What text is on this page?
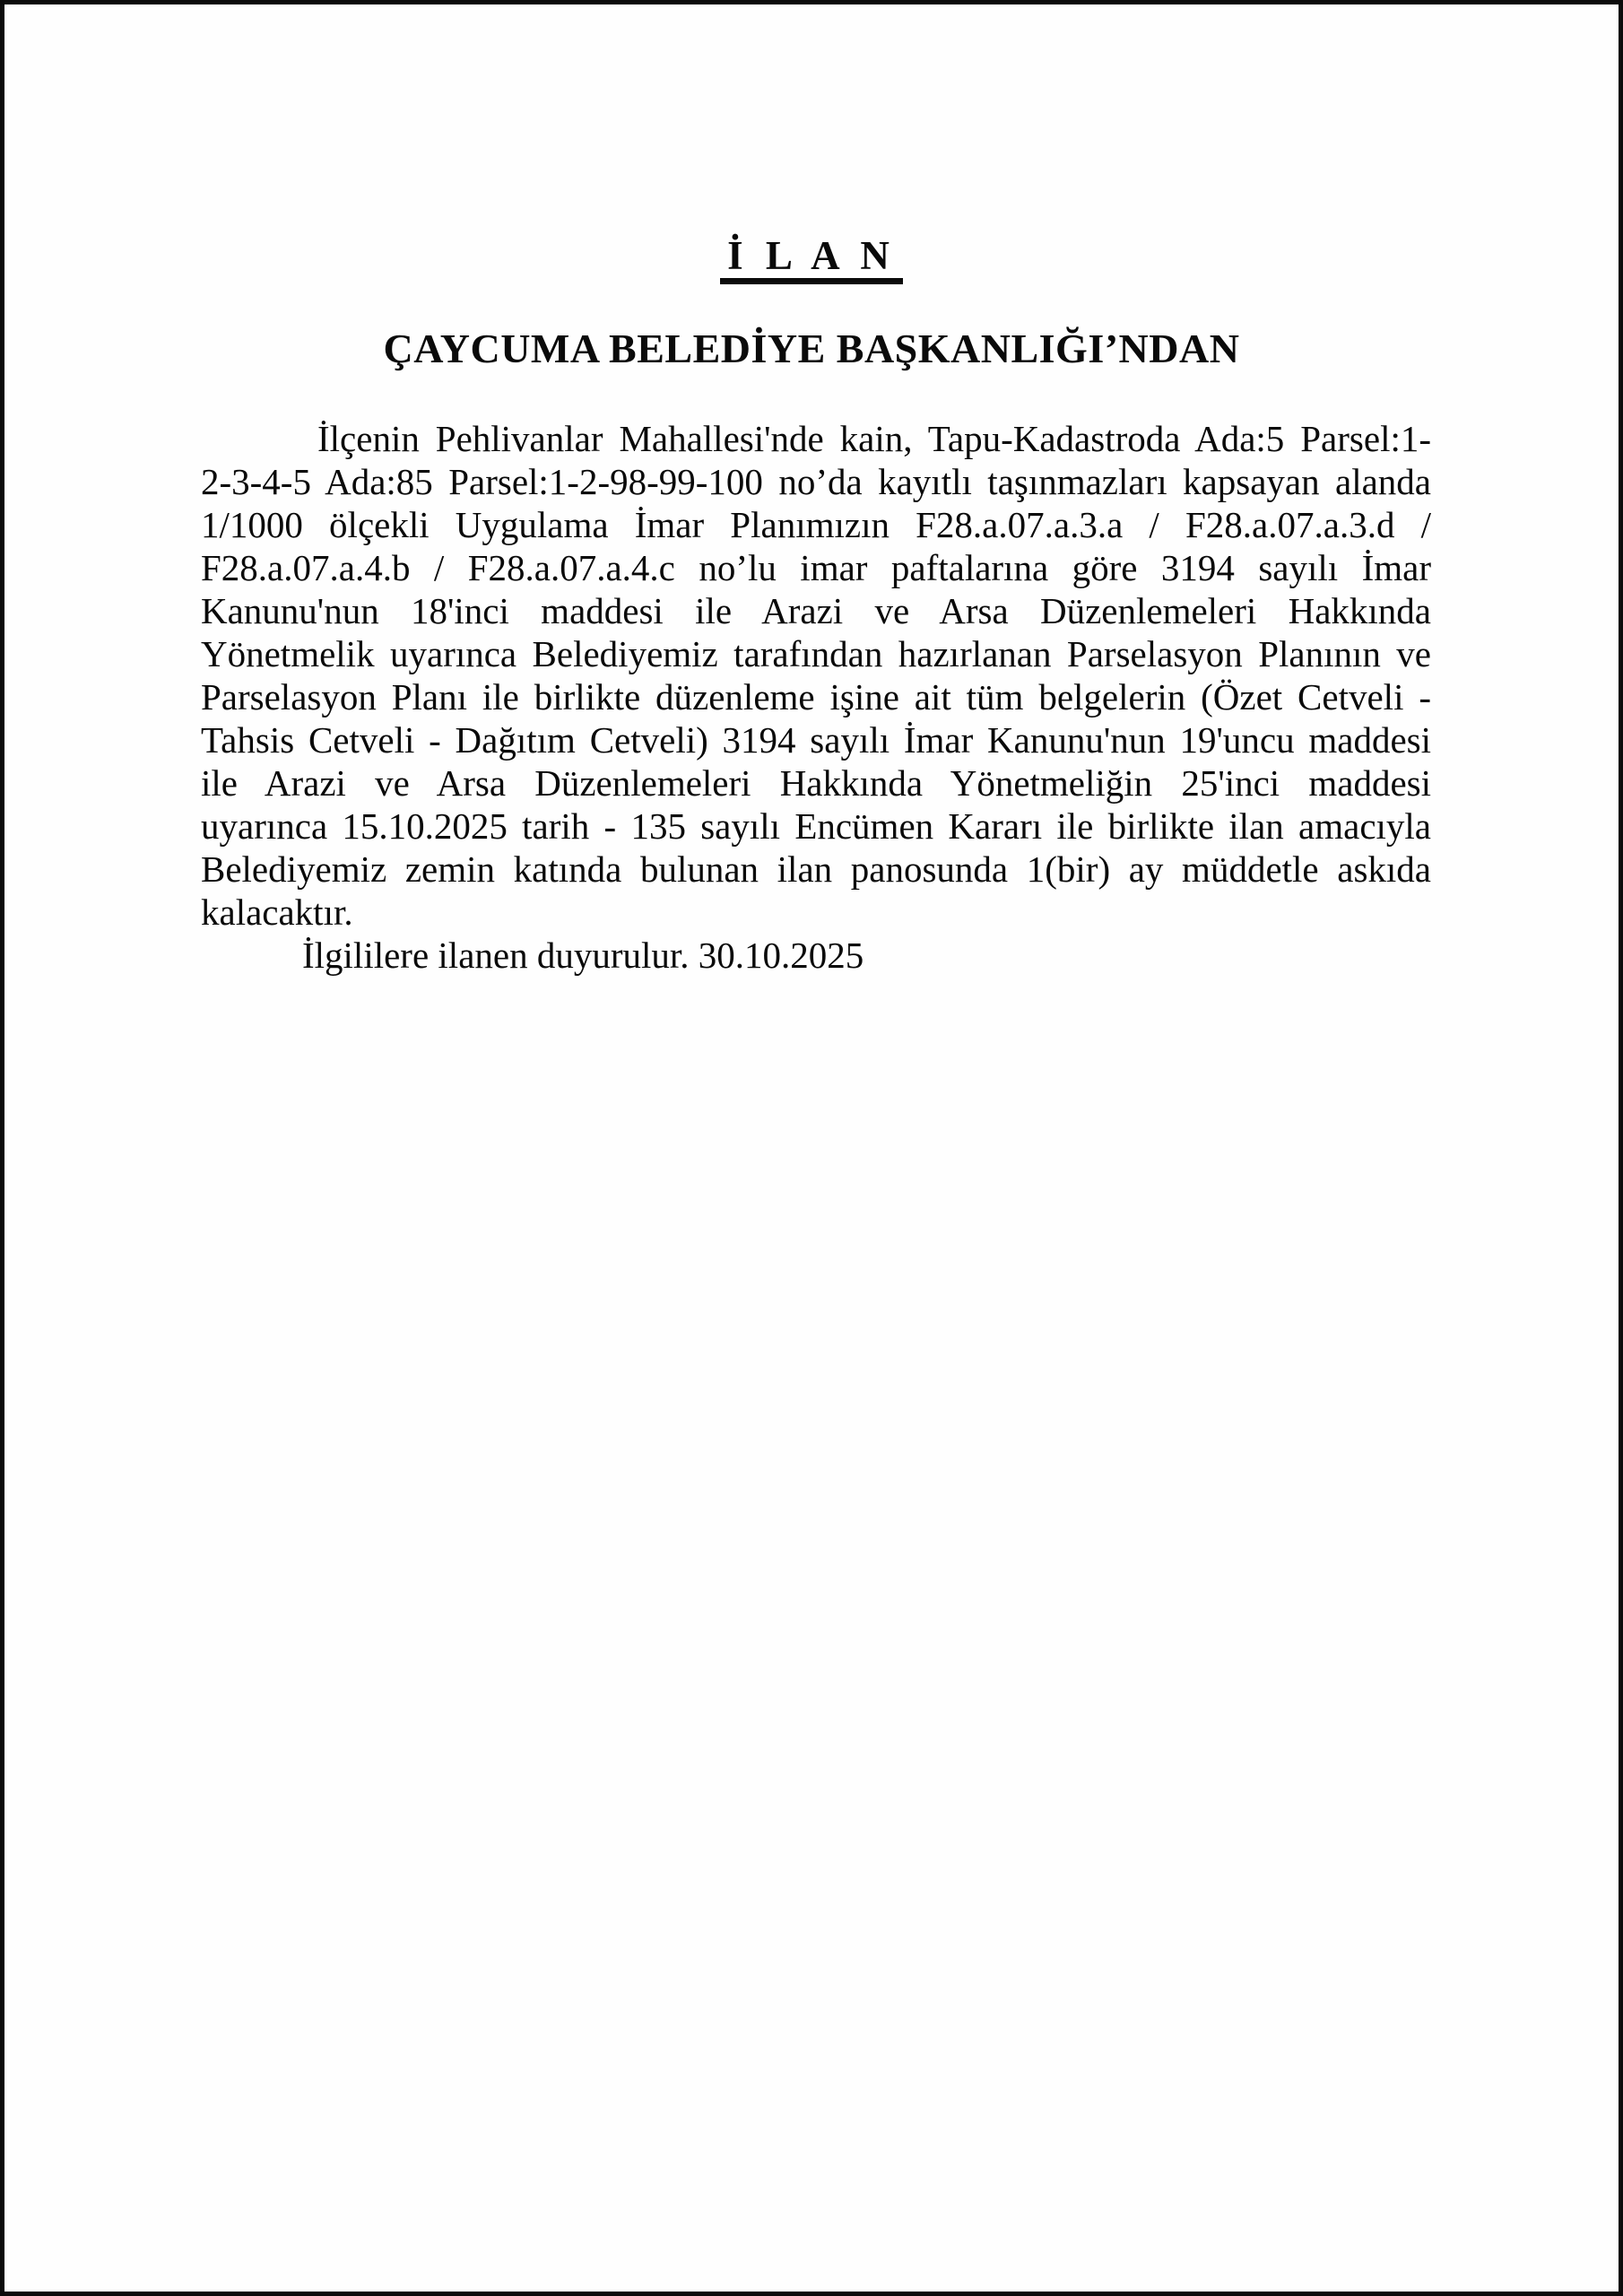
İ L A N
ÇAYCUMA BELEDİYE BAŞKANLIĞI’NDAN
İlçenin Pehlivanlar Mahallesi'nde kain, Tapu-Kadastroda Ada:5 Parsel:1-
2-3-4-5 Ada:85 Parsel:1-2-98-99-100 no’da kayıtlı taşınmazları kapsayan alanda
1/1000 ölçekli Uygulama İmar Planımızın F28.a.07.a.3.a / F28.a.07.a.3.d /
F28.a.07.a.4.b / F28.a.07.a.4.c no’lu imar paftalarına göre 3194 sayılı İmar
Kanunu'nun 18'inci maddesi ile Arazi ve Arsa Düzenlemeleri Hakkında
Yönetmelik uyarınca Belediyemiz tarafından hazırlanan Parselasyon Planının ve
Parselasyon Planı ile birlikte düzenleme işine ait tüm belgelerin (Özet Cetveli -
Tahsis Cetveli - Dağıtım Cetveli) 3194 sayılı İmar Kanunu'nun 19'uncu maddesi
ile Arazi ve Arsa Düzenlemeleri Hakkında Yönetmeliğin 25'inci maddesi
uyarınca 15.10.2025 tarih - 135 sayılı Encümen Kararı ile birlikte ilan amacıyla
Belediyemiz zemin katında bulunan ilan panosunda 1(bir) ay müddetle askıda
kalacaktır.
İlgililere ilanen duyurulur. 30.10.2025
